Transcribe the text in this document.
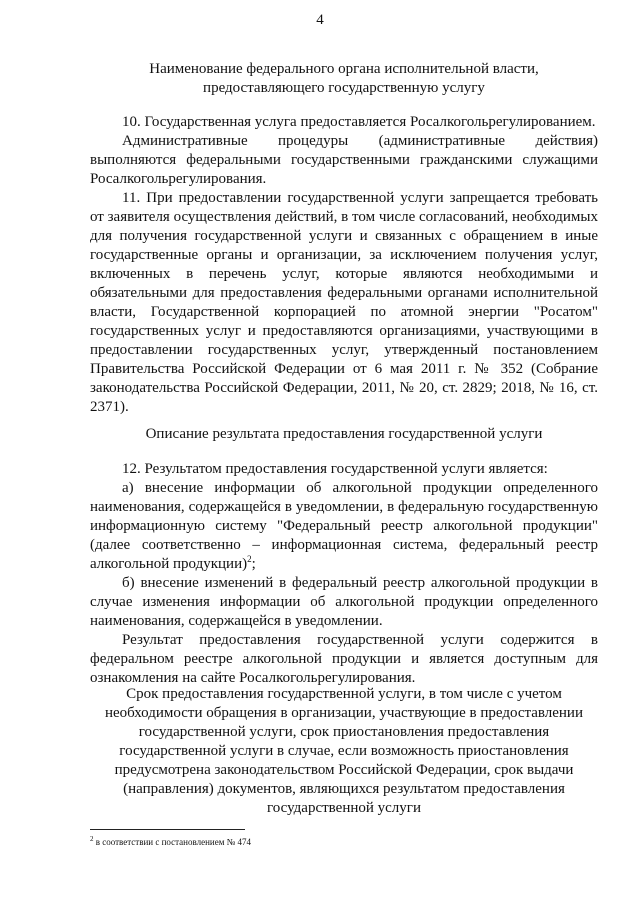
4
Наименование федерального органа исполнительной власти,
предоставляющего государственную услугу

10. Государственная услуга предоставляется Росалкогольрегулированием.

Административные процедуры (административные действия) выполняются федеральными государственными гражданскими служащими Росалкогольрегулирования.

11. При предоставлении государственной услуги запрещается требовать от заявителя осуществления действий, в том числе согласований, необходимых для получения государственной услуги и связанных с обращением в иные государственные органы и организации, за исключением получения услуг, включенных в перечень услуг, которые являются необходимыми и обязательными для предоставления федеральными органами исполнительной власти, Государственной корпорацией по атомной энергии "Росатом" государственных услуг и предоставляются организациями, участвующими в предоставлении государственных услуг, утвержденный постановлением Правительства Российской Федерации от 6 мая 2011 г. № 352 (Собрание законодательства Российской Федерации, 2011, № 20, ст. 2829; 2018, № 16, ст. 2371).

Описание результата предоставления государственной услуги

12. Результатом предоставления государственной услуги является:

а) внесение информации об алкогольной продукции определенного наименования, содержащейся в уведомлении, в федеральную государственную информационную систему "Федеральный реестр алкогольной продукции" (далее соответственно – информационная система, федеральный реестр алкогольной продукции)$^2$;

б) внесение изменений в федеральный реестр алкогольной продукции в случае изменения информации об алкогольной продукции определенного наименования, содержащейся в уведомлении.

Результат предоставления государственной услуги содержится в федеральном реестре алкогольной продукции и является доступным для ознакомления на сайте Росалкогольрегулирования.

Срок предоставления государственной услуги, в том числе с учетом
необходимости обращения в организации, участвующие в предоставлении
государственной услуги, срок приостановления предоставления
государственной услуги в случае, если возможность приостановления
предусмотрена законодательством Российской Федерации, срок выдачи
(направления) документов, являющихся результатом предоставления
государственной услуги
$^2$ в соответствии с постановлением № 474
